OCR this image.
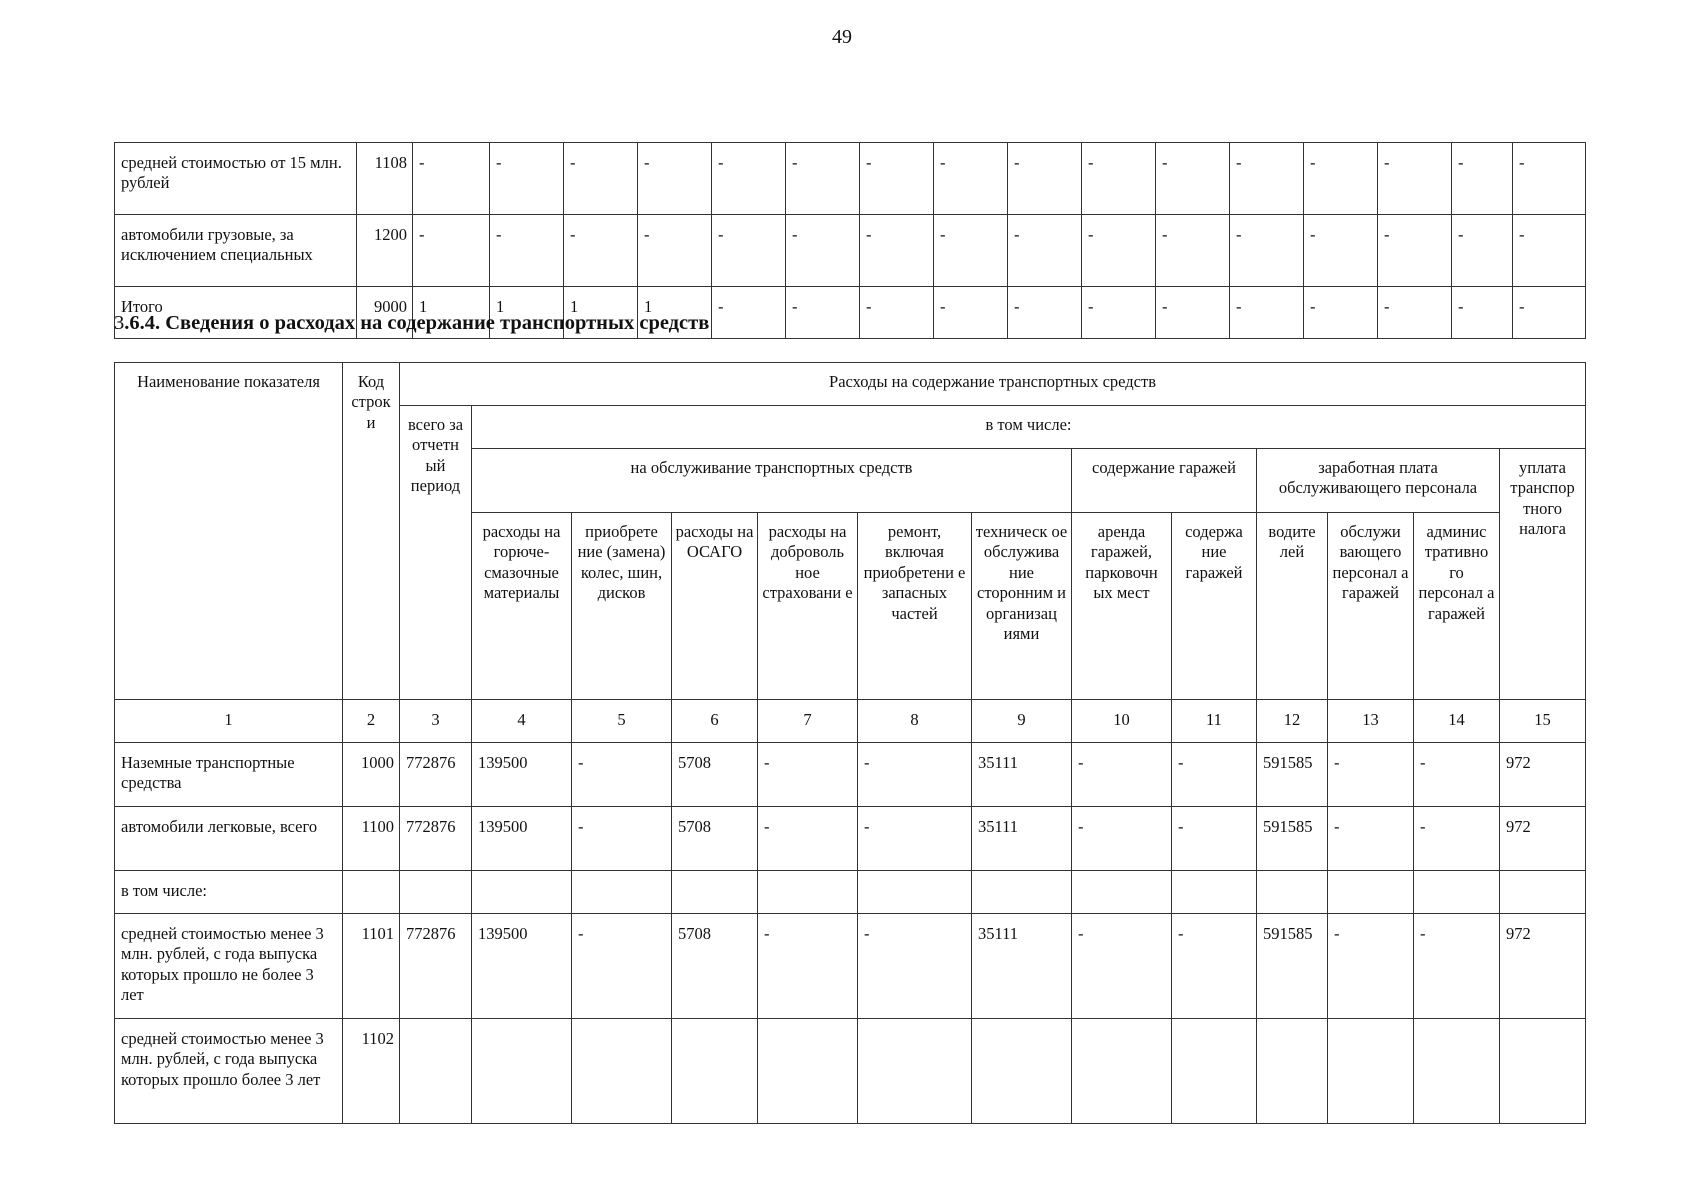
49
средней стоимостью от 15 млн. рублей	1108	-	-	-	-	-	-	-	-	-	-	-	-	-	-	-	-
автомобили грузовые, за исключением специальных	1200	-	-	-	-	-	-	-	-	-	-	-	-	-	-	-	-
Итого	9000	1	1	1	1	-	-	-	-	-	-	-	-	-	-	-	-
3.6.4. Сведения о расходах на содержание транспортных средств
Наименование показателя	Код строк и	Расходы на содержание транспортных средств												
		всего за отчетн ый период	в том числе:											
			на обслуживание транспортных средств						содержание гаражей		заработная плата обслуживающего персонала			уплата транспор тного налога
			расходы на горюче-смазочные материалы	приобрете ние (замена) колес, шин, дисков	расходы на ОСАГО	расходы на доброволь ное страховани е	ремонт, включая приобретени е запасных частей	техническ ое обслужива ние сторонним и организац иями	аренда гаражей, парковочн ых мест	содержа ние гаражей	водите лей	обслужи вающего персонал а гаражей	админис тративно го персонал а гаражей	
1	2	3	4	5	6	7	8	9	10	11	12	13	14	15
Наземные транспортные средства	1000	772876	139500	-	5708	-	-	35111	-	-	591585	-	-	972
автомобили легковые, всего	1100	772876	139500	-	5708	-	-	35111	-	-	591585	-	-	972
в том числе:														
средней стоимостью менее 3 млн. рублей, с года выпуска которых прошло не более 3 лет	1101	772876	139500	-	5708	-	-	35111	-	-	591585	-	-	972
средней стоимостью менее 3 млн. рублей, с года выпуска которых прошло более 3 лет	1102													
